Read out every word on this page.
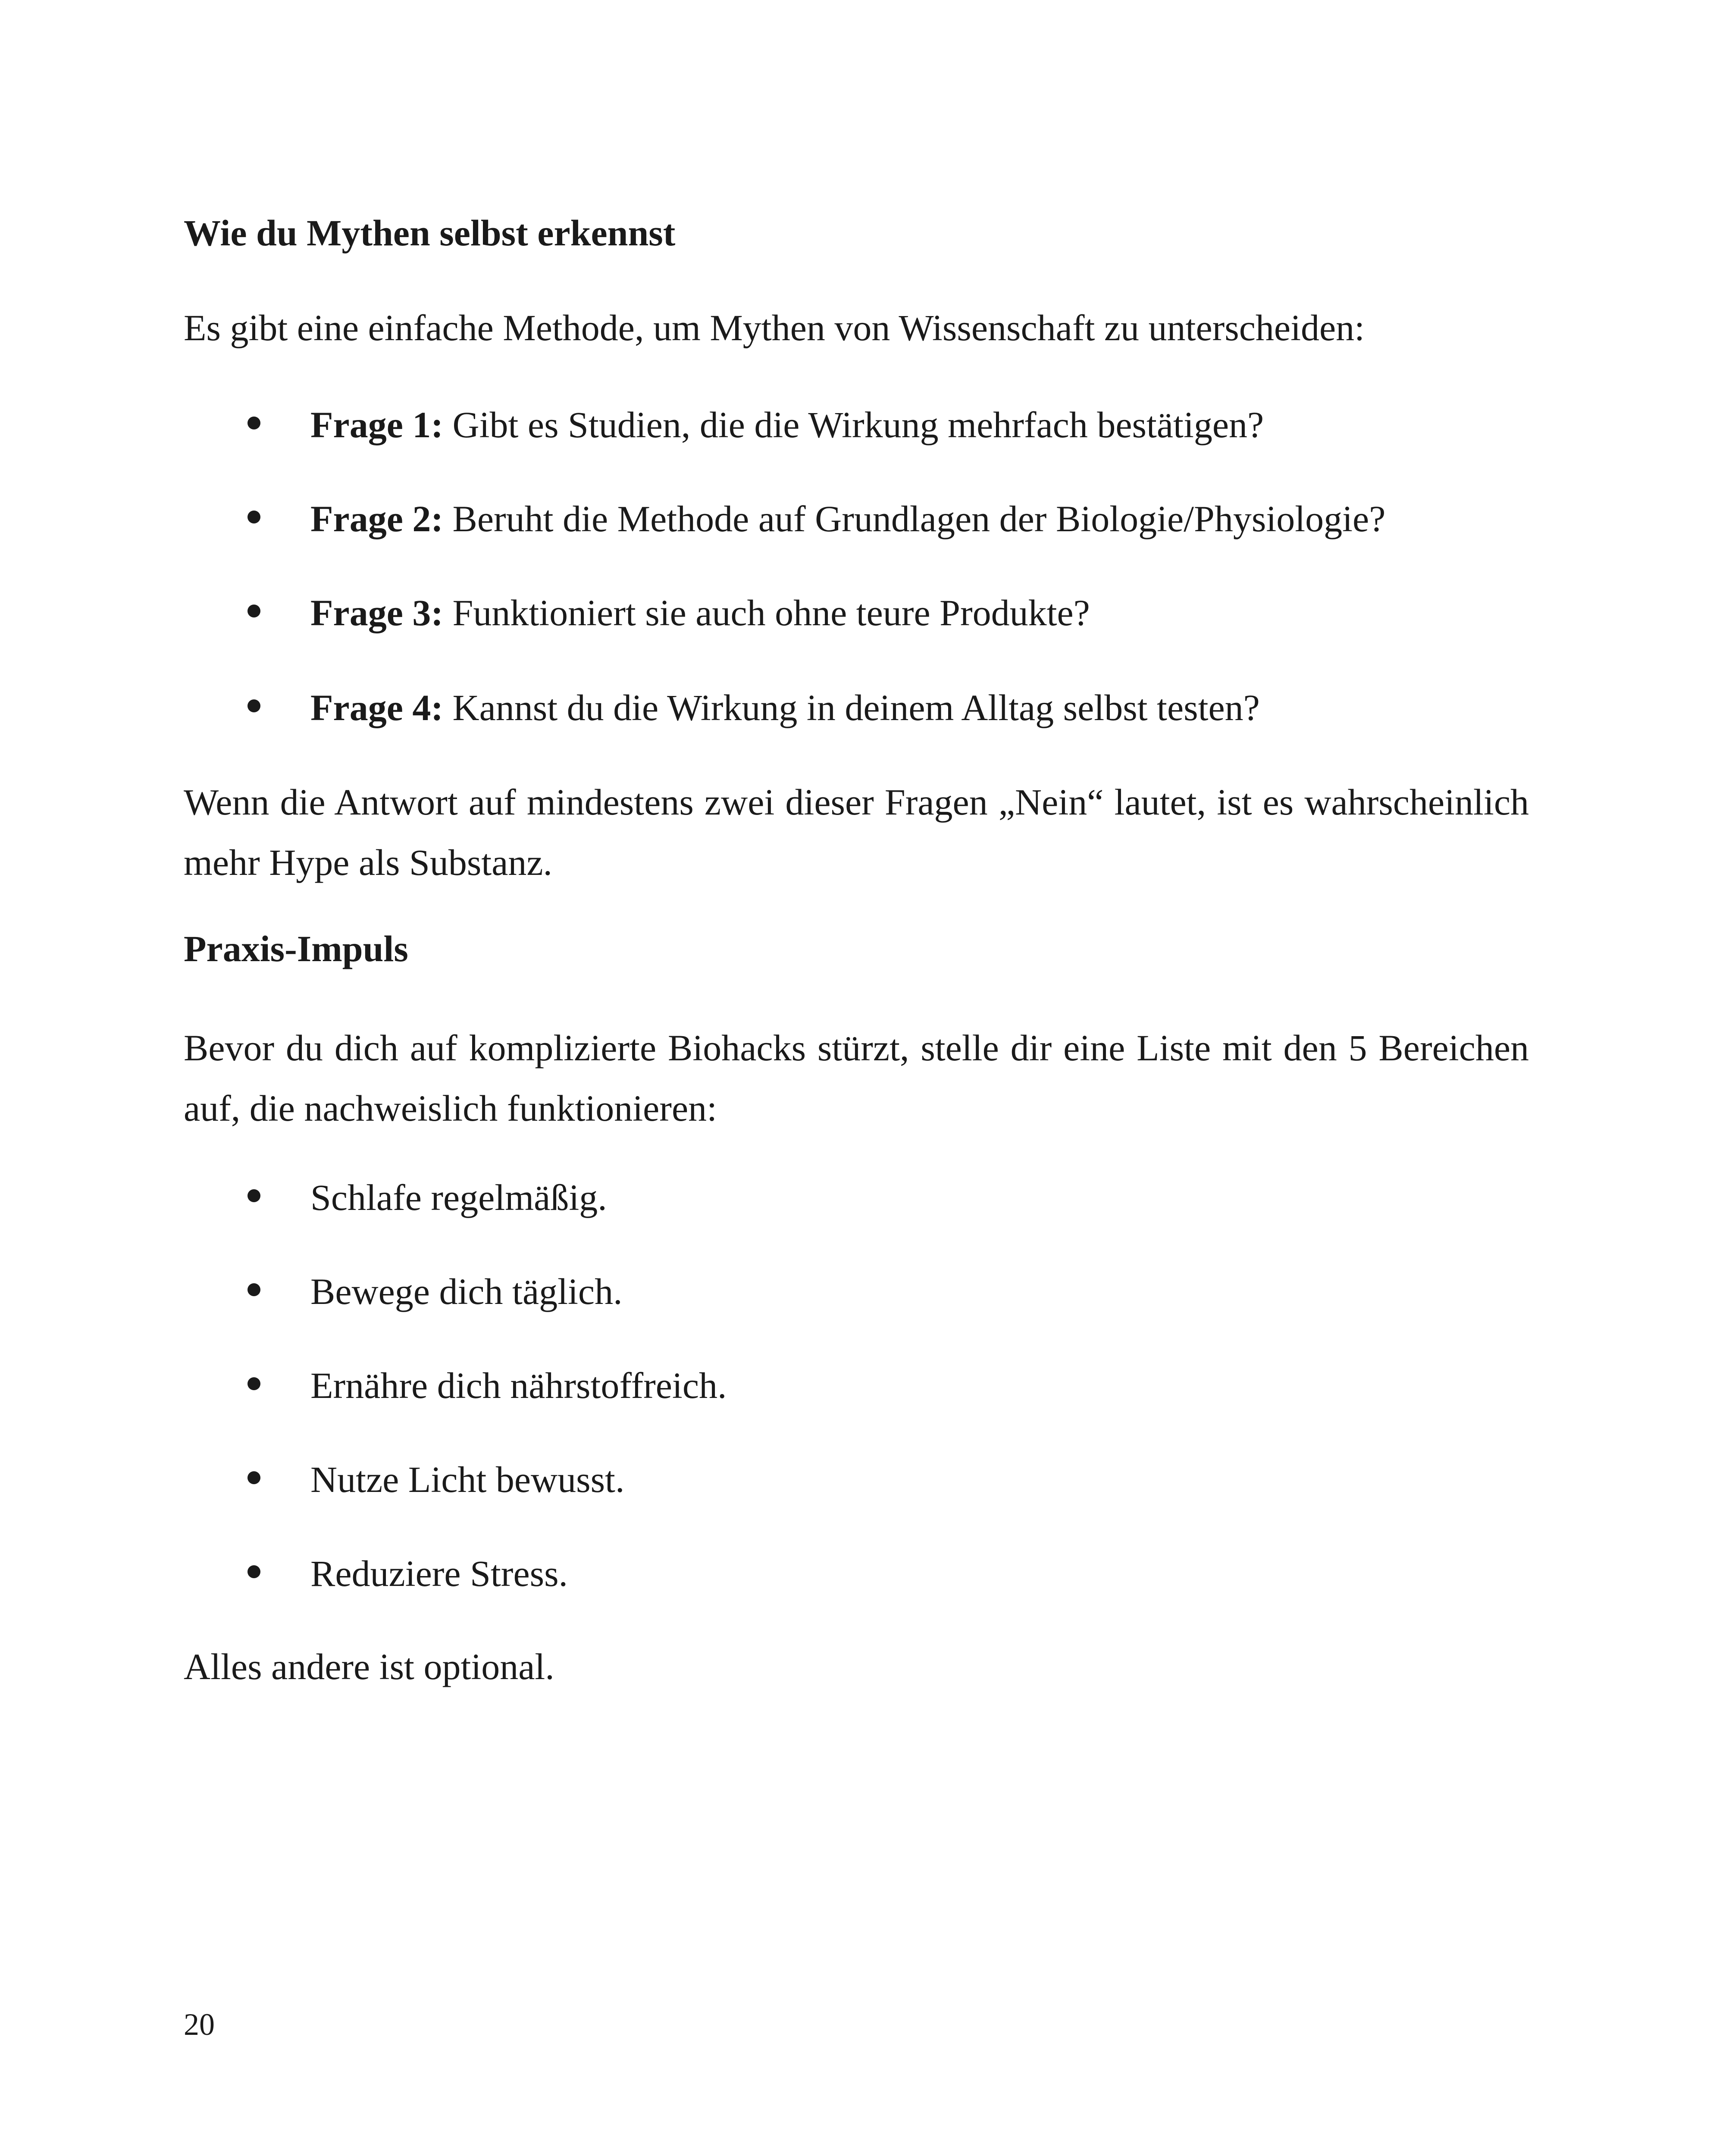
Wie du Mythen selbst erkennst
Es gibt eine einfache Methode, um Mythen von Wissenschaft zu unterscheiden:
Frage 1: Gibt es Studien, die die Wirkung mehrfach bestätigen?
Frage 2: Beruht die Methode auf Grundlagen der Biologie/Physiologie?
Frage 3: Funktioniert sie auch ohne teure Produkte?
Frage 4: Kannst du die Wirkung in deinem Alltag selbst testen?
Wenn die Antwort auf mindestens zwei dieser Fragen „Nein“ lautet, ist es wahrscheinlich mehr Hype als Substanz.
Praxis-Impuls
Bevor du dich auf komplizierte Biohacks stürzt, stelle dir eine Liste mit den 5 Bereichen auf, die nachweislich funktionieren:
Schlafe regelmäßig.
Bewege dich täglich.
Ernähre dich nährstoffreich.
Nutze Licht bewusst.
Reduziere Stress.
Alles andere ist optional.
20
